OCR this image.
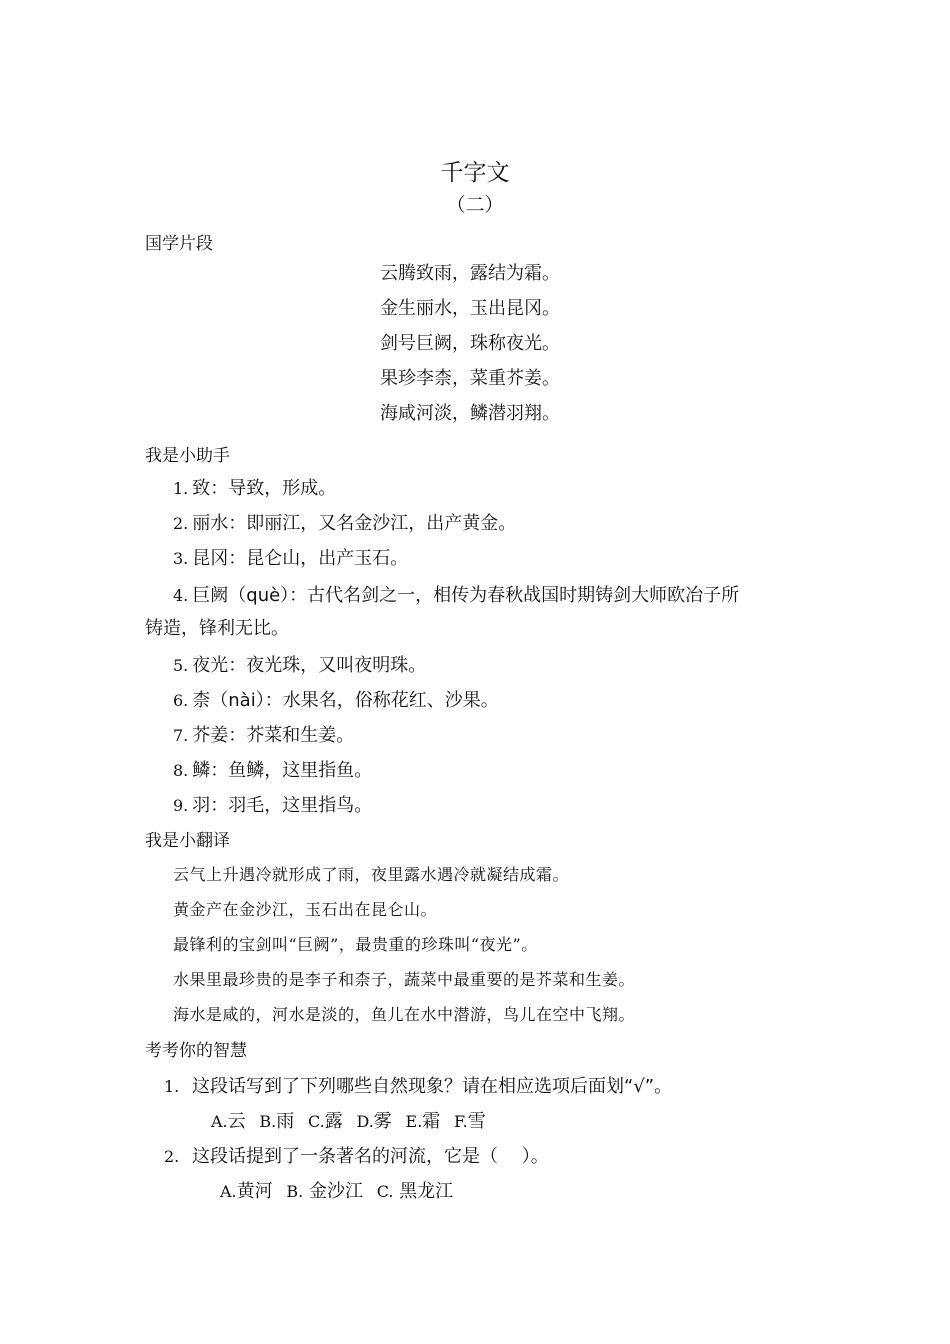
千字文
（二）
国学片段
云腾致雨，露结为霜。
金生丽水，玉出昆冈。
剑号巨阙，珠称夜光。
果珍李柰，菜重芥姜。
海咸河淡，鳞潜羽翔。
我是小助手
1. 致：导致，形成。
2. 丽水：即丽江，又名金沙江，出产黄金。
3. 昆冈：昆仑山，出产玉石。
4. 巨阙（què）：古代名剑之一，相传为春秋战国时期铸剑大师欧冶子所
铸造，锋利无比。
5. 夜光：夜光珠，又叫夜明珠。
6. 柰（nài）：水果名，俗称花红、沙果。
7. 芥姜：芥菜和生姜。
8. 鳞：鱼鳞，这里指鱼。
9. 羽：羽毛，这里指鸟。
我是小翻译
云气上升遇冷就形成了雨，夜里露水遇冷就凝结成霜。
黄金产在金沙江，玉石出在昆仑山。
最锋利的宝剑叫“巨阙”，最贵重的珍珠叫“夜光”。
水果里最珍贵的是李子和柰子，蔬菜中最重要的是芥菜和生姜。
海水是咸的，河水是淡的，鱼儿在水中潜游，鸟儿在空中飞翔。
考考你的智慧
1. 这段话写到了下列哪些自然现象？请在相应选项后面划“√”。
A.云 B.雨 C.露 D.雾 E.霜 F.雪
2. 这段话提到了一条著名的河流，它是（　 ）。
A.黄河 B. 金沙江 C. 黑龙江
